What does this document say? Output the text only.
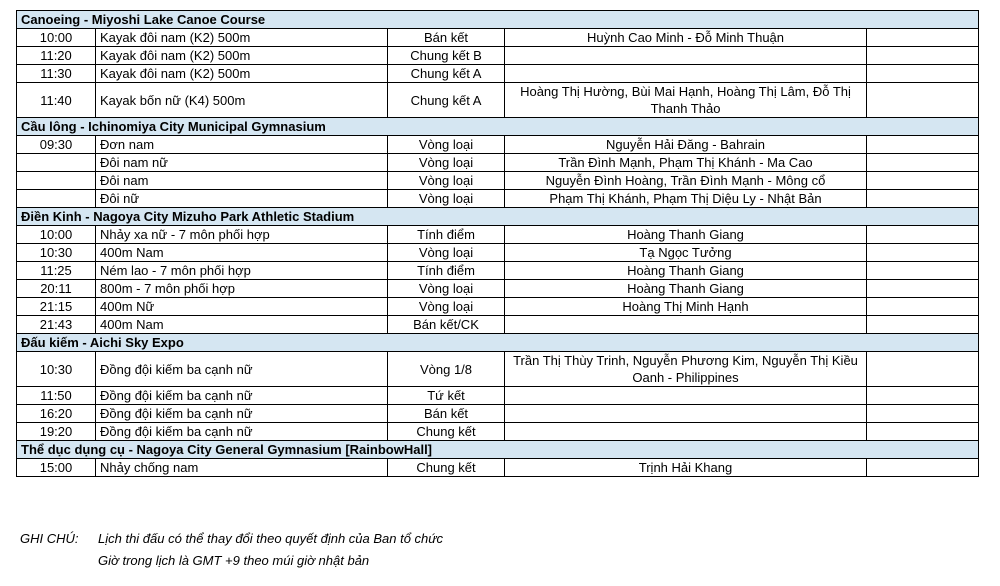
Canoeing - Miyoshi Lake Canoe Course				
10:00	Kayak đôi nam (K2) 500m	Bán kết	Huỳnh Cao Minh - Đỗ Minh Thuận	
11:20	Kayak đôi nam (K2) 500m	Chung kết B		
11:30	Kayak đôi nam (K2) 500m	Chung kết A		
11:40	Kayak bốn nữ (K4) 500m	Chung kết A	Hoàng Thị Hường, Bùi Mai Hạnh, Hoàng Thị Lâm, Đỗ Thị Thanh Thảo	
Cầu lông - Ichinomiya City Municipal Gymnasium				
09:30	Đơn nam	Vòng loại	Nguyễn Hải Đăng - Bahrain	
	Đôi nam nữ	Vòng loại	Trần Đình Mạnh, Phạm Thị Khánh - Ma Cao	
	Đôi nam	Vòng loại	Nguyễn Đình Hoàng, Trần Đình Mạnh - Mông cổ	
	Đôi nữ	Vòng loại	Phạm Thị Khánh, Phạm Thị Diệu Ly - Nhật Bản	
Điền Kinh - Nagoya City Mizuho Park Athletic Stadium				
10:00	Nhảy xa nữ - 7 môn phối hợp	Tính điểm	Hoàng Thanh Giang	
10:30	400m Nam	Vòng loại	Tạ Ngọc Tưởng	
11:25	Ném lao - 7 môn phối hợp	Tính điểm	Hoàng Thanh Giang	
20:11	800m - 7 môn phối hợp	Vòng loại	Hoàng Thanh Giang	
21:15	400m Nữ	Vòng loại	Hoàng Thị Minh Hạnh	
21:43	400m Nam	Bán kết/CK		
Đấu kiếm - Aichi Sky Expo				
10:30	Đồng đội kiếm ba cạnh nữ	Vòng 1/8	Trần Thị Thùy Trinh, Nguyễn Phương Kim, Nguyễn Thị Kiều Oanh - Philippines	
11:50	Đồng đội kiếm ba cạnh nữ	Tứ kết		
16:20	Đồng đội kiếm ba cạnh nữ	Bán kết		
19:20	Đồng đội kiếm ba cạnh nữ	Chung kết		
Thể dục dụng cụ - Nagoya City General Gymnasium [RainbowHall]				
15:00	Nhảy chống nam	Chung kết	Trịnh Hải Khang	
GHI CHÚ: Lịch thi đấu có thể thay đổi theo quyết định của Ban tổ chức
Giờ trong lịch là GMT +9 theo múi giờ nhật bản
